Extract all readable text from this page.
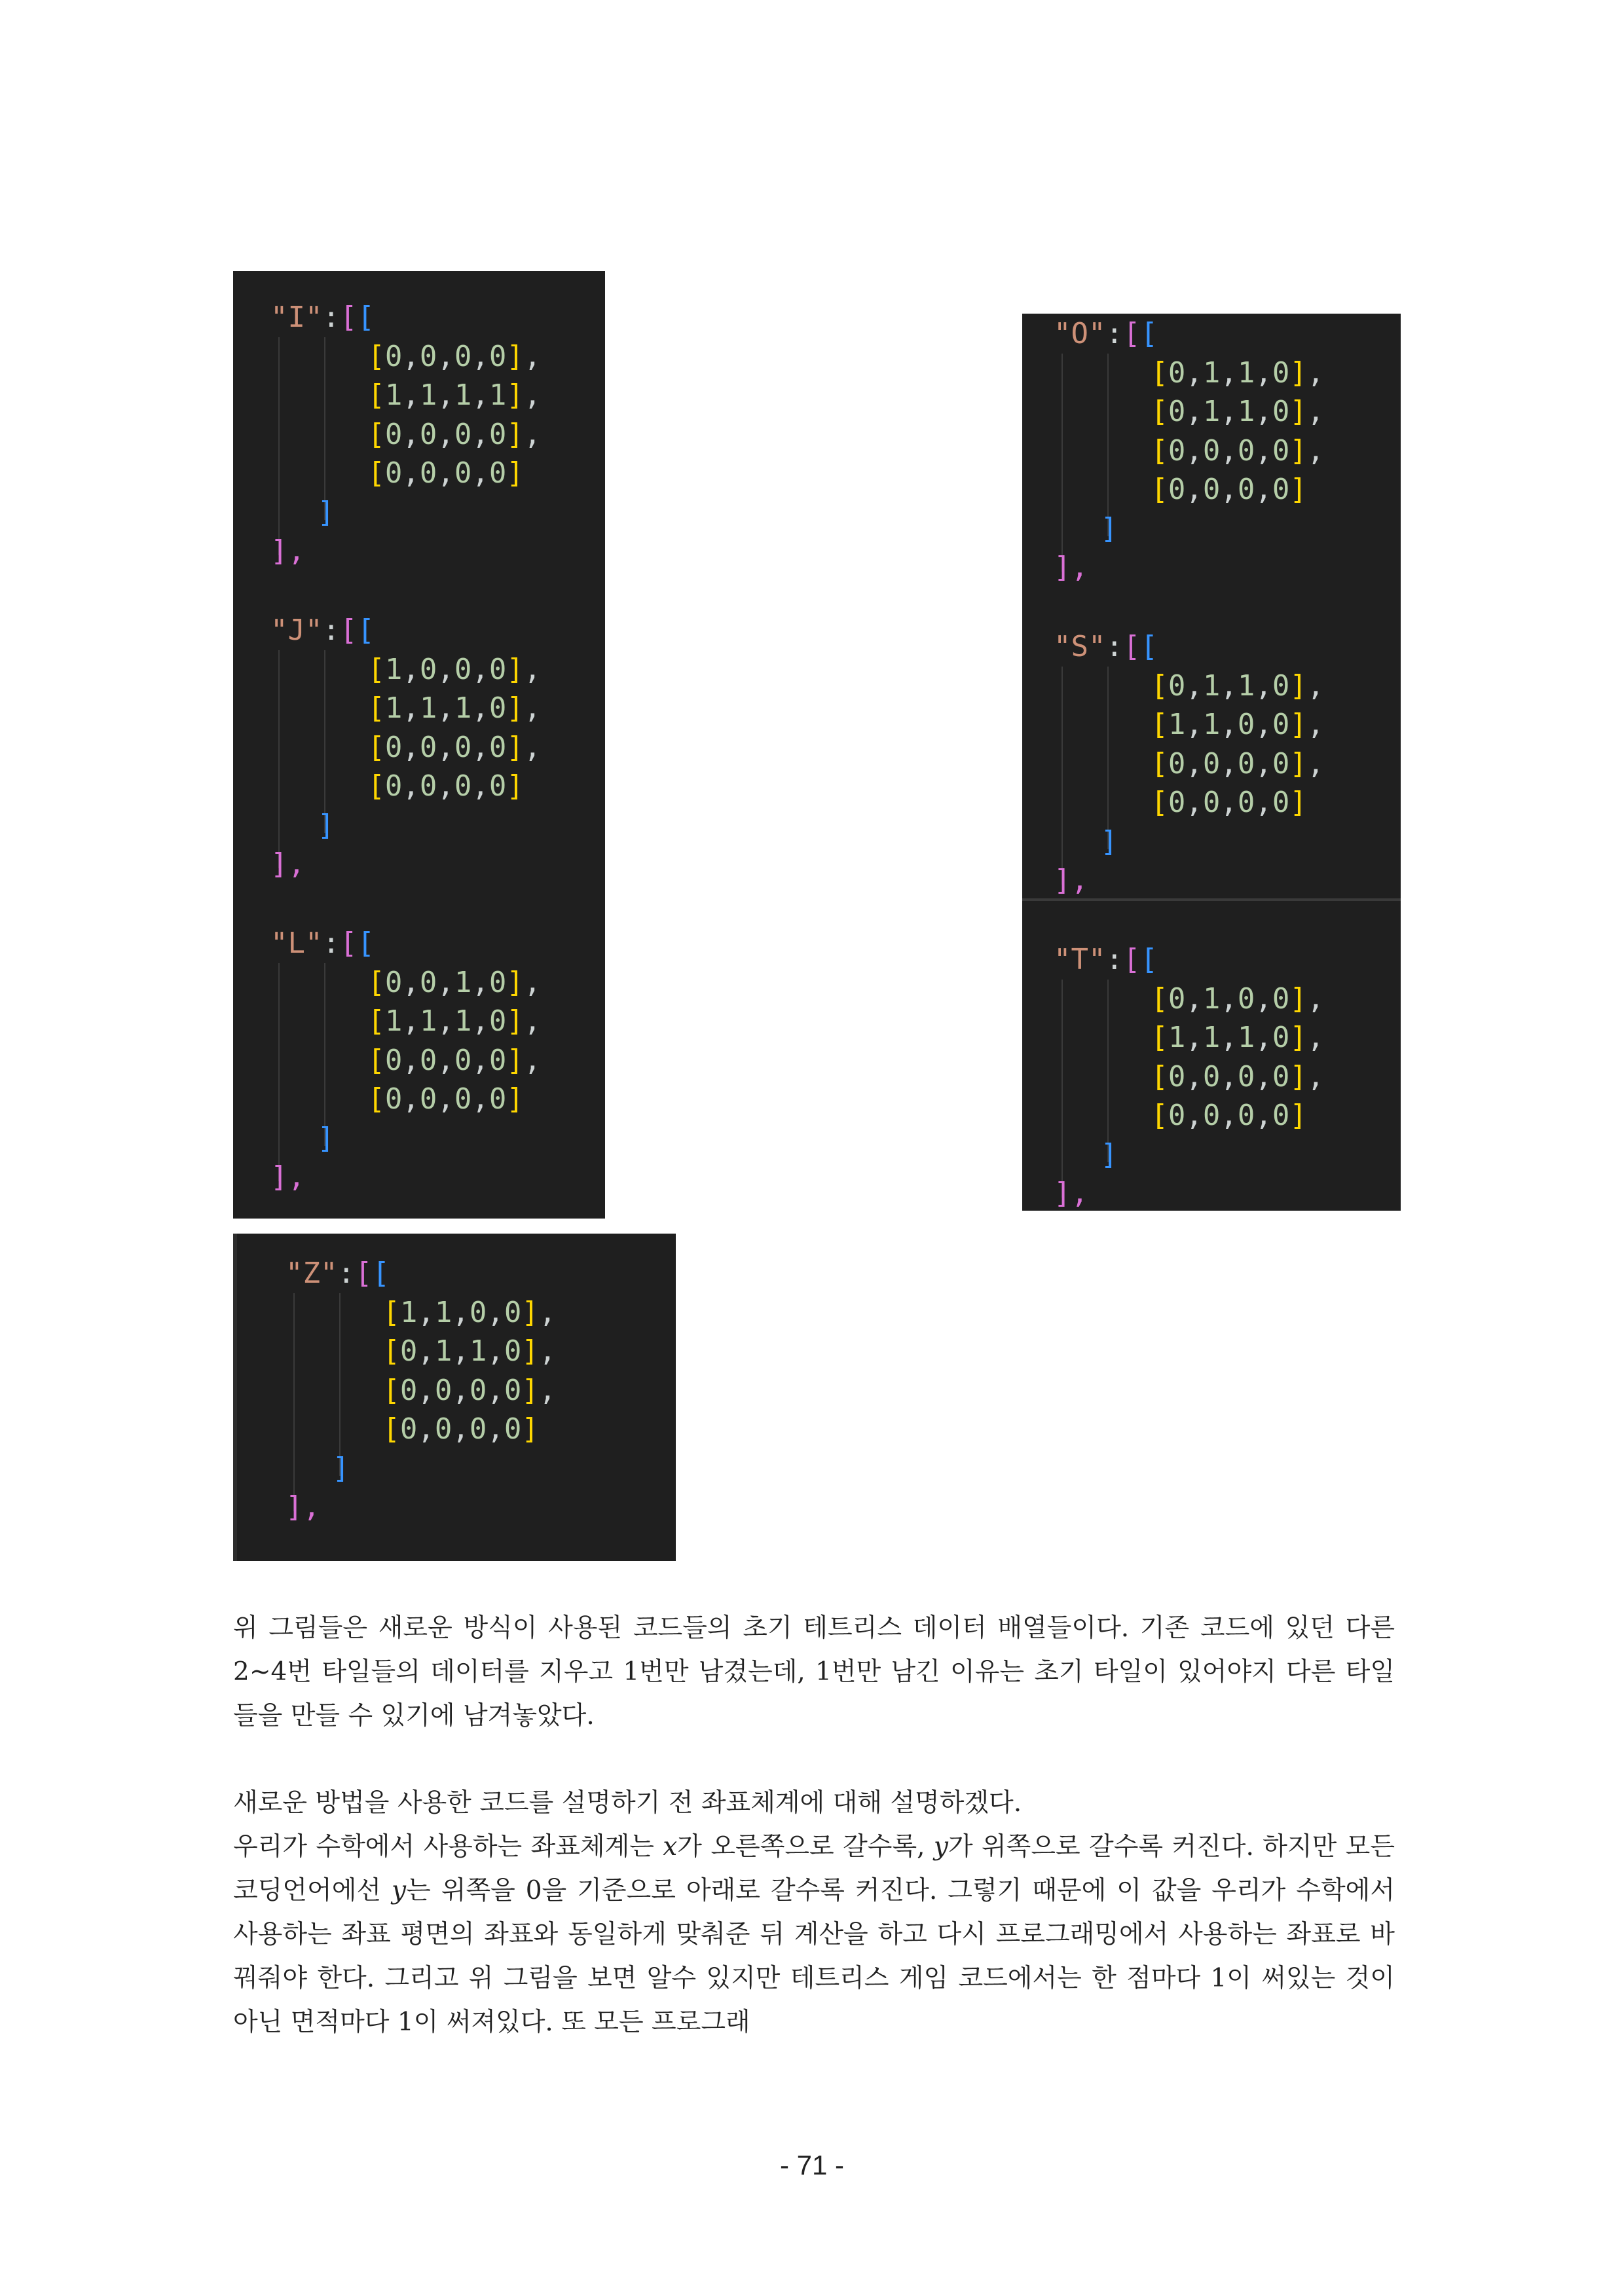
"I":[[
[0,0,0,0],
[1,1,1,1],
[0,0,0,0],
[0,0,0,0]
]
],
"J":[[
[1,0,0,0],
[1,1,1,0],
[0,0,0,0],
[0,0,0,0]
]
],
"L":[[
[0,0,1,0],
[1,1,1,0],
[0,0,0,0],
[0,0,0,0]
]
],
"O":[[
[0,1,1,0],
[0,1,1,0],
[0,0,0,0],
[0,0,0,0]
]
],
"S":[[
[0,1,1,0],
[1,1,0,0],
[0,0,0,0],
[0,0,0,0]
]
],
"T":[[
[0,1,0,0],
[1,1,1,0],
[0,0,0,0],
[0,0,0,0]
]
],
"Z":[[
[1,1,0,0],
[0,1,1,0],
[0,0,0,0],
[0,0,0,0]
]
],

위 그림들은 새로운 방식이 사용된 코드들의 초기 테트리스 데이터 배열들이다. 기존 코드에 있던 다른 2~4번 타일들의 데이터를 지우고 1번만 남겼는데, 1번만 남긴 이유는 초기 타일이 있어야지 다른 타일들을 만들 수 있기에 남겨놓았다.

새로운 방법을 사용한 코드를 설명하기 전 좌표체계에 대해 설명하겠다.
우리가 수학에서 사용하는 좌표체계는 x가 오른쪽으로 갈수록, y가 위쪽으로 갈수록 커진다. 하지만 모든 코딩언어에선 y는 위쪽을 0을 기준으로 아래로 갈수록 커진다. 그렇기 때문에 이 값을 우리가 수학에서 사용하는 좌표 평면의 좌표와 동일하게 맞춰준 뒤 계산을 하고 다시 프로그래밍에서 사용하는 좌표로 바꿔줘야 한다. 그리고 위 그림을 보면 알수 있지만 테트리스 게임 코드에서는 한 점마다 1이 써있는 것이 아닌 면적마다 1이 써져있다. 또 모든 프로그래
- 71 -
